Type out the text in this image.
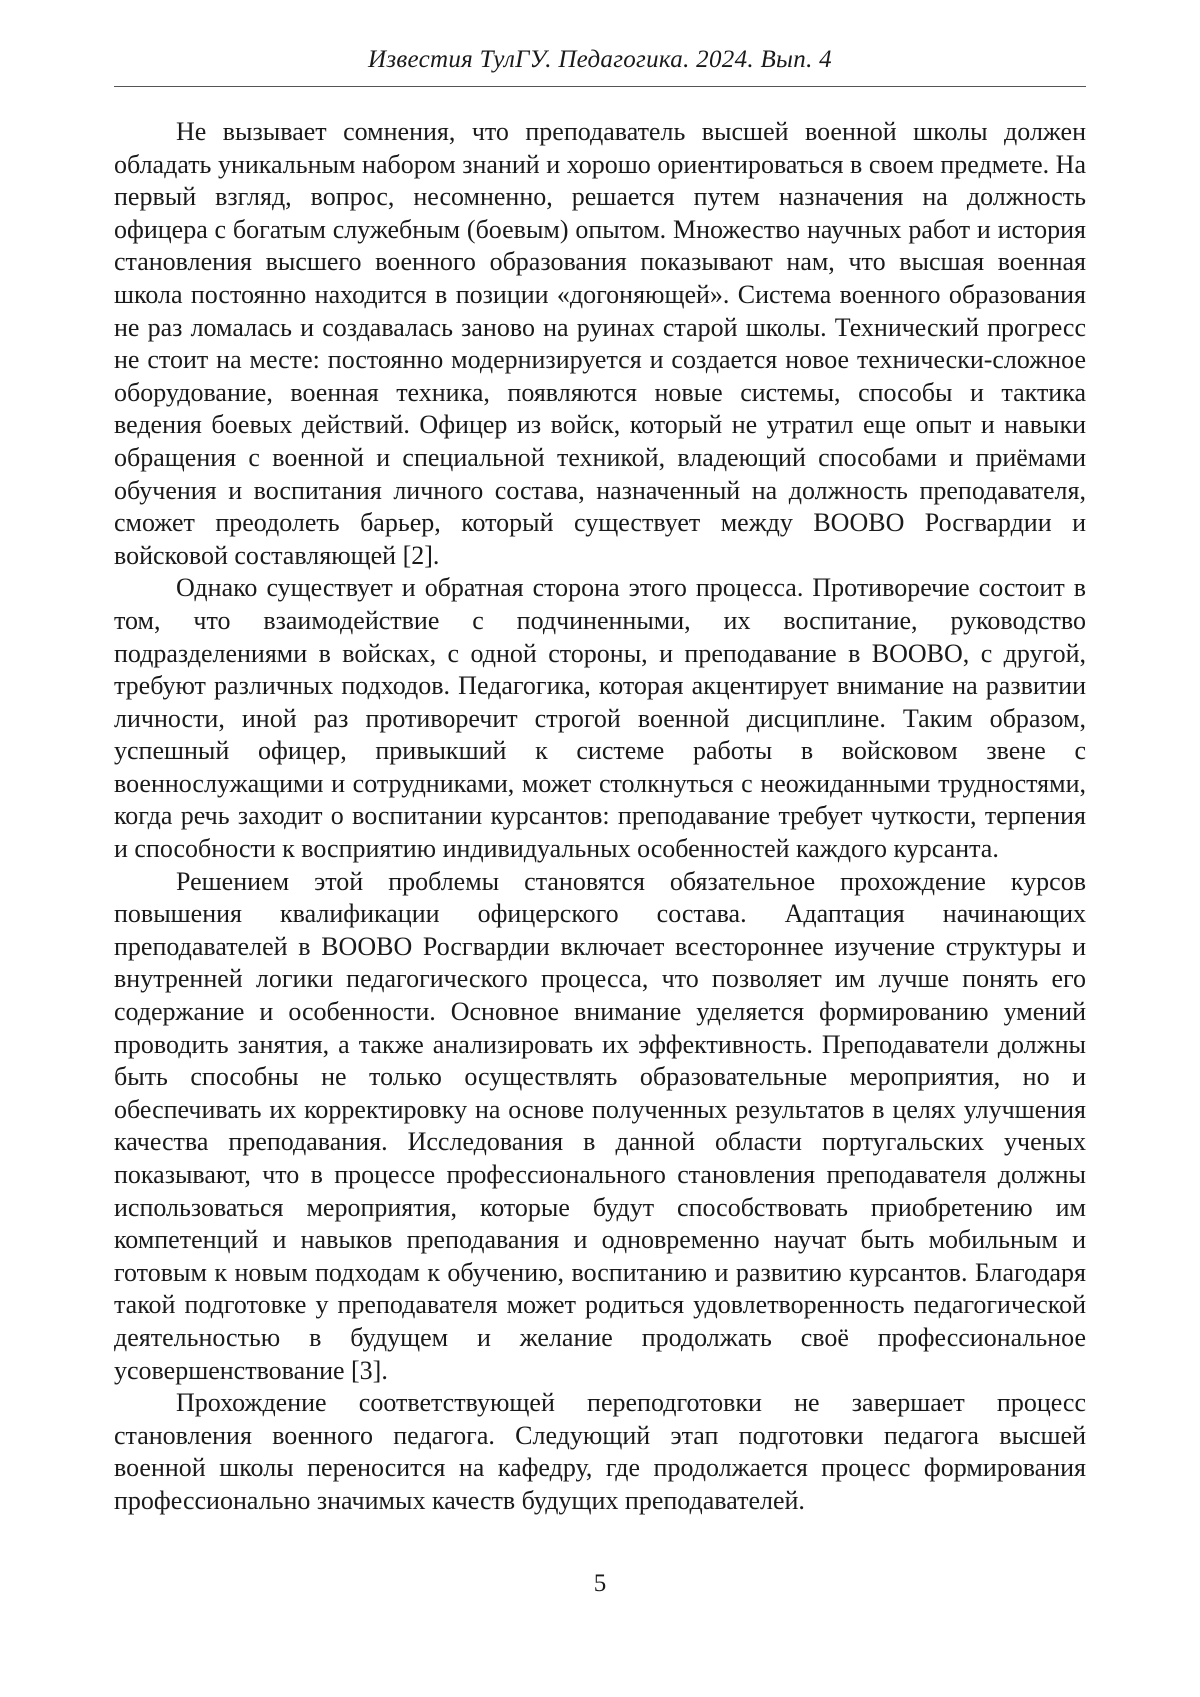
Известия ТулГУ. Педагогика. 2024. Вып. 4

Не вызывает сомнения, что преподаватель высшей военной школы должен обладать уникальным набором знаний и хорошо ориентироваться в своем предмете. На первый взгляд, вопрос, несомненно, решается путем назначения на должность офицера с богатым служебным (боевым) опытом. Множество научных работ и история становления высшего военного образования показывают нам, что высшая военная школа постоянно находится в позиции «догоняющей». Система военного образования не раз ломалась и создавалась заново на руинах старой школы. Технический прогресс не стоит на месте: постоянно модернизируется и создается новое технически-сложное оборудование, военная техника, появляются новые системы, способы и тактика ведения боевых действий. Офицер из войск, который не утратил еще опыт и навыки обращения с военной и специальной техникой, владеющий способами и приёмами обучения и воспитания личного состава, назначенный на должность преподавателя, сможет преодолеть барьер, который существует между ВООВО Росгвардии и войсковой составляющей [2].

Однако существует и обратная сторона этого процесса. Противоречие состоит в том, что взаимодействие с подчиненными, их воспитание, руководство подразделениями в войсках, с одной стороны, и преподавание в ВООВО, с другой, требуют различных подходов. Педагогика, которая акцентирует внимание на развитии личности, иной раз противоречит строгой военной дисциплине. Таким образом, успешный офицер, привыкший к системе работы в войсковом звене с военнослужащими и сотрудниками, может столкнуться с неожиданными трудностями, когда речь заходит о воспитании курсантов: преподавание требует чуткости, терпения и способности к восприятию индивидуальных особенностей каждого курсанта.

Решением этой проблемы становятся обязательное прохождение курсов повышения квалификации офицерского состава. Адаптация начинающих преподавателей в ВООВО Росгвардии включает всестороннее изучение структуры и внутренней логики педагогического процесса, что позволяет им лучше понять его содержание и особенности. Основное внимание уделяется формированию умений проводить занятия, а также анализировать их эффективность. Преподаватели должны быть способны не только осуществлять образовательные мероприятия, но и обеспечивать их корректировку на основе полученных результатов в целях улучшения качества преподавания. Исследования в данной области португальских ученых показывают, что в процессе профессионального становления преподавателя должны использоваться мероприятия, которые будут способствовать приобретению им компетенций и навыков преподавания и одновременно научат быть мобильным и готовым к новым подходам к обучению, воспитанию и развитию курсантов. Благодаря такой подготовке у преподавателя может родиться удовлетворенность педагогической деятельностью в будущем и желание продолжать своё профессиональное усовершенствование [3].

Прохождение соответствующей переподготовки не завершает процесс становления военного педагога. Следующий этап подготовки педагога высшей военной школы переносится на кафедру, где продолжается процесс формирования профессионально значимых качеств будущих преподавателей.

5
